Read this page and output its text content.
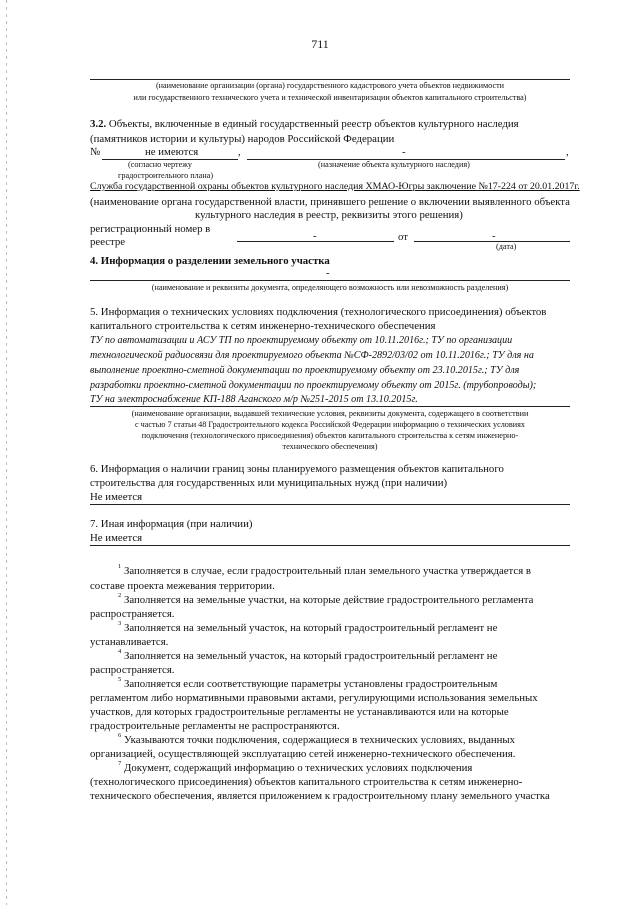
711
(наименование организации (органа) государственного кадастрового учета объектов недвижимости
или государственного технического учета и технической инвентаризации объектов капитального строительства)
3.2. Объекты, включенные в единый государственный реестр объектов культурного наследия
(памятников истории и культуры) народов Российской Федерации
№	не имеются	,	-	,
(согласно чертежу
градостроительного плана)
(назначение объекта культурного наследия)
Служба государственной охраны объектов культурного наследия ХМАО-Югры заключение №17-224 от 20.01.2017г.
(наименование органа государственной власти, принявшего решение о включении выявленного объекта
культурного наследия в реестр, реквизиты этого решения)
регистрационный номер в
реестре	-	от	-
(дата)
4. Информация о разделении земельного участка
-
(наименование и реквизиты документа, определяющего возможность или невозможность разделения)
5. Информация о технических условиях подключения (технологического присоединения) объектов
капитального строительства к сетям инженерно-технического обеспечения
ТУ по автоматизации и АСУ ТП по проектируемому объекту от 10.11.2016г.; ТУ по организации
технологической радиосвязи для проектируемого объекта №СФ-2892/03/02 от 10.11.2016г.; ТУ для на
выполнение проектно-сметной документации по проектируемому объекту от 23.10.2015г.; ТУ для
разработки проектно-сметной документации по проектируемому объекту от 2015г. (трубопроводы);
ТУ на электроснабжение КП-188 Аганского м/р №251-2015 от 13.10.2015г.
(наименование организации, выдавшей технические условия, реквизиты документа, содержащего в соответствии
с частью 7 статьи 48 Градостроительного кодекса Российской Федерации информацию о технических условиях
подключения (технологического присоединения) объектов капитального строительства к сетям инженерно-
технического обеспечения)
6. Информация о наличии границ зоны планируемого размещения объектов капитального
строительства для государственных или муниципальных нужд (при наличии)
Не имеется
7. Иная информация (при наличии)
Не имеется
$^1$ Заполняется в случае, если градостроительный план земельного участка утверждается в
составе проекта межевания территории.
$^2$ Заполняется на земельные участки, на которые действие градостроительного регламента
распространяется.
$^3$ Заполняется на земельный участок, на который градостроительный регламент не
устанавливается.
$^4$ Заполняется на земельный участок, на который градостроительный регламент не
распространяется.
$^5$ Заполняется если соответствующие параметры установлены градостроительным
регламентом либо нормативными правовыми актами, регулирующими использования земельных
участков, для которых градостроительные регламенты не устанавливаются или на которые
градостроительные регламенты не распространяются.
$^6$ Указываются точки подключения, содержащиеся в технических условиях, выданных
организацией, осуществляющей эксплуатацию сетей инженерно-технического обеспечения.
$^7$ Документ, содержащий информацию о технических условиях подключения
(технологического присоединения) объектов капитального строительства к сетям инженерно-
технического обеспечения, является приложением к градостроительному плану земельного участка
